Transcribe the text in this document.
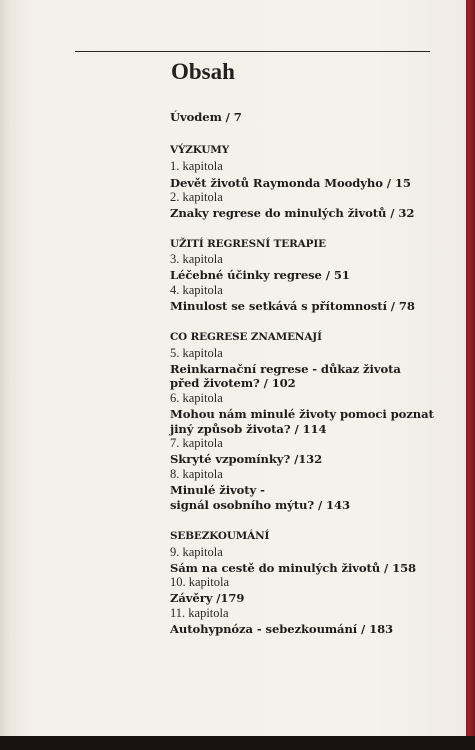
Obsah
Úvodem / 7
VÝZKUMY
1. kapitola
Devět životů Raymonda Moodyho / 15
2. kapitola
Znaky regrese do minulých životů / 32
UŽITÍ REGRESNÍ TERAPIE
3. kapitola
Léčebné účinky regrese / 51
4. kapitola
Minulost se setkává s přítomností / 78
CO REGRESE ZNAMENAJÍ
5. kapitola
Reinkarnační regrese - důkaz života
před životem? / 102
6. kapitola
Mohou nám minulé životy pomoci poznat
jiný způsob života? / 114
7. kapitola
Skryté vzpomínky? /132
8. kapitola
Minulé životy -
signál osobního mýtu? / 143
SEBEZKOUMÁNÍ
9. kapitola
Sám na cestě do minulých životů / 158
10. kapitola
Závěry /179
11. kapitola
Autohypnóza - sebezkoumání / 183
